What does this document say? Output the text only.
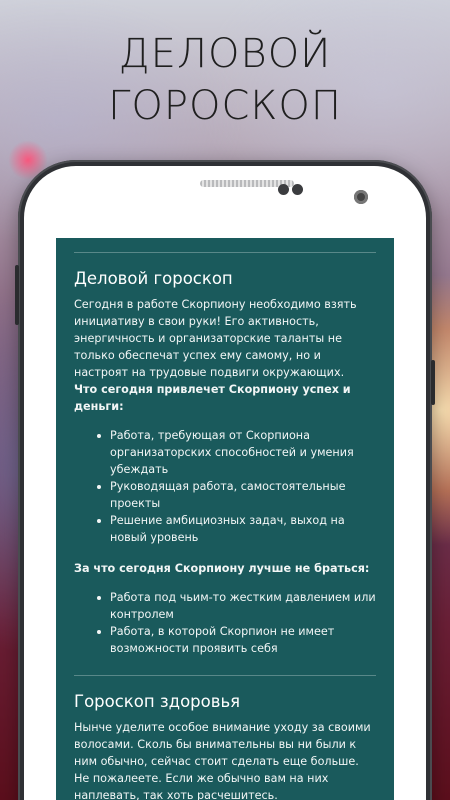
ДЕЛОВОЙ
ГОРОСКОП
Деловой гороскоп

Сегодня в работе Скорпиону необходимо взять инициативу в свои руки! Его активность, энергичность и организаторские таланты не только обеспечат успех ему самому, но и настроят на трудовые подвиги окружающих.

Что сегодня привлечет Скорпиону успех и деньги:

Работа, требующая от Скорпиона организаторских способностей и умения убеждать
Руководящая работа, самостоятельные проекты
Решение амбициозных задач, выход на новый уровень

За что сегодня Скорпиону лучше не браться:

Работа под чьим-то жестким давлением или контролем
Работа, в которой Скорпион не имеет возможности проявить себя
Гороскоп здоровья

Нынче уделите особое внимание уходу за своими волосами. Сколь бы внимательны вы ни были к ним обычно, сейчас стоит сделать еще больше. Не пожалеете. Если же обычно вам на них наплевать, так хоть расчешитесь.
